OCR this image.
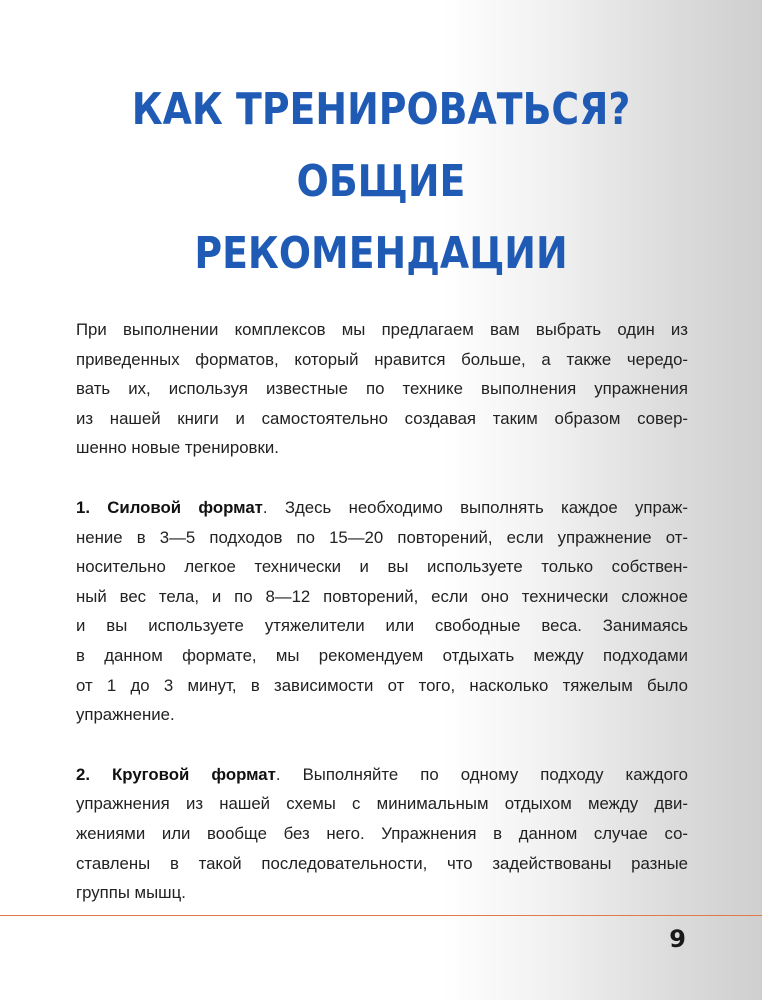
КАК ТРЕНИРОВАТЬСЯ?
ОБЩИЕ
РЕКОМЕНДАЦИИ
При выполнении комплексов мы предлагаем вам выбрать один из
приведенных форматов, который нравится больше, а также чередо-
вать их, используя известные по технике выполнения упражнения
из нашей книги и самостоятельно создавая таким образом совер-
шенно новые тренировки.
1. Силовой формат. Здесь необходимо выполнять каждое упраж-
нение в 3—5 подходов по 15—20 повторений, если упражнение от-
носительно легкое технически и вы используете только собствен-
ный вес тела, и по 8—12 повторений, если оно технически сложное
и вы используете утяжелители или свободные веса. Занимаясь
в данном формате, мы рекомендуем отдыхать между подходами
от 1 до 3 минут, в зависимости от того, насколько тяжелым было
упражнение.
2. Круговой формат. Выполняйте по одному подходу каждого
упражнения из нашей схемы с минимальным отдыхом между дви-
жениями или вообще без него. Упражнения в данном случае со-
ставлены в такой последовательности, что задействованы разные
группы мышц.
9
